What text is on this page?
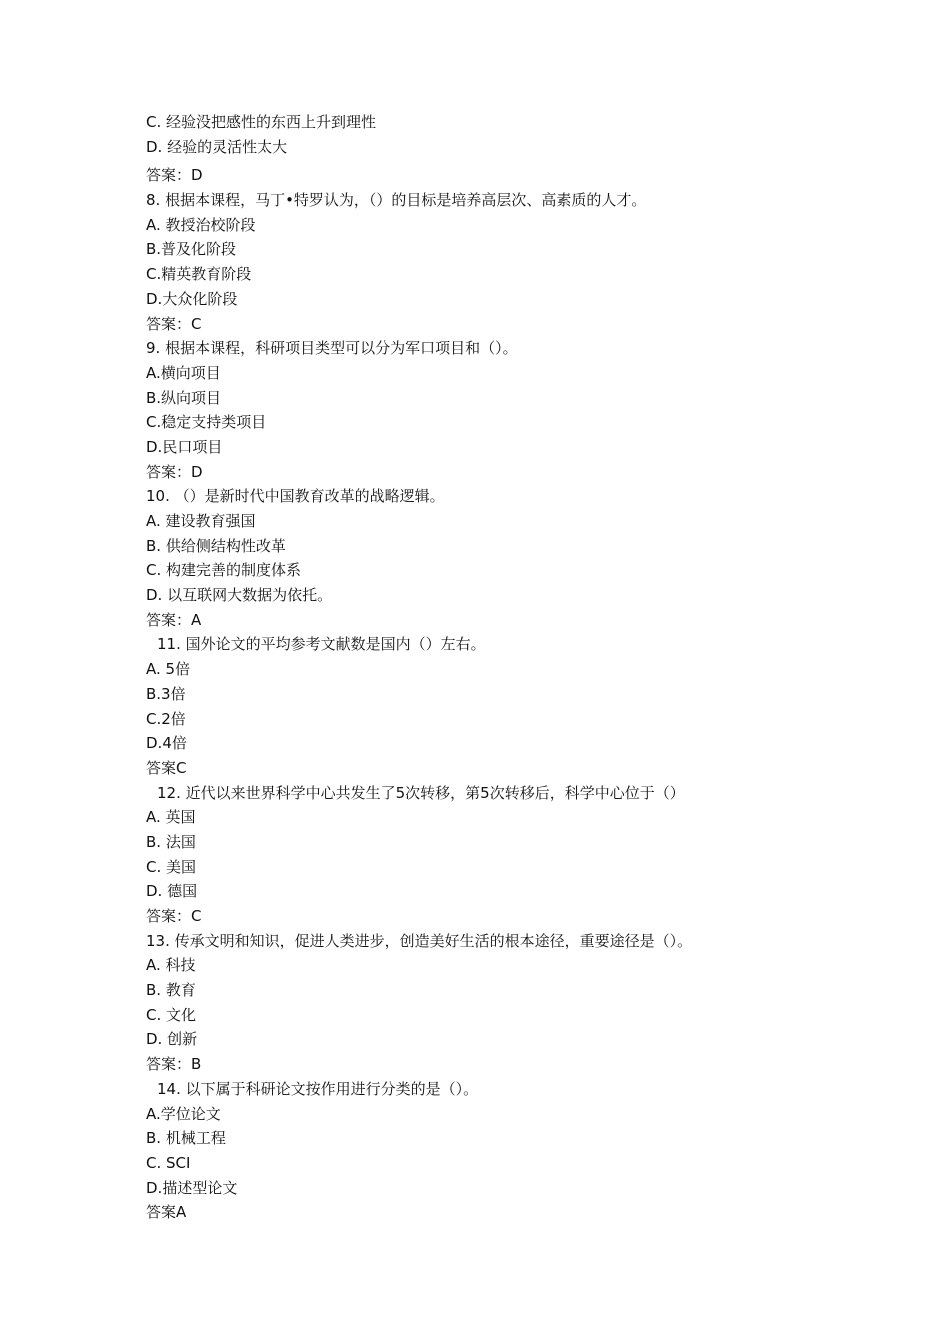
C. 经验没把感性的东西上升到理性
D. 经验的灵活性太大
答案：D
8. 根据本课程，马丁•特罗认为，（）的目标是培养高层次、高素质的人才。
A. 教授治校阶段
B.普及化阶段
C.精英教育阶段
D.大众化阶段
答案：C
9. 根据本课程，科研项目类型可以分为军口项目和（）。
A.横向项目
B.纵向项目
C.稳定支持类项目
D.民口项目
答案：D
10. （）是新时代中国教育改革的战略逻辑。
A. 建设教育强国
B. 供给侧结构性改革
C. 构建完善的制度体系
D. 以互联网大数据为依托。
答案：A
11. 国外论文的平均参考文献数是国内（）左右。
A. 5倍
B.3倍
C.2倍
D.4倍
答案C
12. 近代以来世界科学中心共发生了5次转移，第5次转移后，科学中心位于（）
A. 英国
B. 法国
C. 美国
D. 德国
答案：C
13. 传承文明和知识，促进人类进步，创造美好生活的根本途径，重要途径是（）。
A. 科技
B. 教育
C. 文化
D. 创新
答案：B
14. 以下属于科研论文按作用进行分类的是（）。
A.学位论文
B. 机械工程
C. SCI
D.描述型论文
答案A
